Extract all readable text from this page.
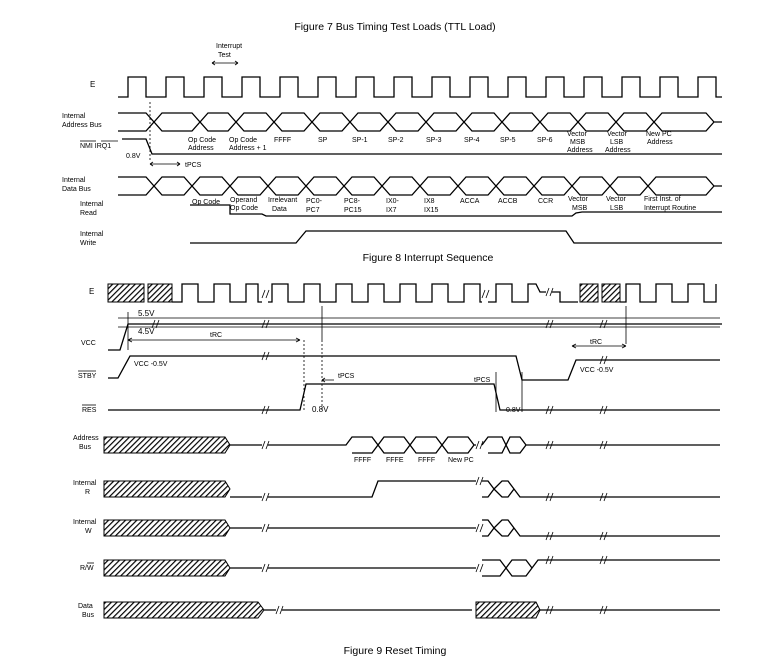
Figure 7 Bus Timing Test Loads (TTL Load)
Figure 8 Interrupt Sequence
Figure 9 Reset Timing
Interrupt
Test
E
Internal
Address Bus
NMI IRQ1
Internal
Data Bus
Internal
Read
Internal
Write
Op Code
Address
Op Code
Address + 1
FFFF	SP	SP-1	SP-2	SP-3	SP-4	SP-5	SP-6
Vector
MSB
Address
Vector
LSB
Address
New PC
Address
0.8V
tPCS
Op Code Operand
Op Code
Irrelevant
Data
PC0-
PC7
PC8-
PC15
IX0-
IX7
IX8
IX15
ACCA	ACCB	CCR Vector
MSB
Vector
LSB
First Inst. of
Interrupt Routine
E
VCC
STBY
RES
Address
Bus
Internal
R
Internal
W
R/W
Data
Bus
5.5V
4.5V	tRC
tRC
VCC -0.5V
VCC -0.5V
tPCS
tPCS
0.8V	0.8V
FFFF FFFE FFFF New PC
